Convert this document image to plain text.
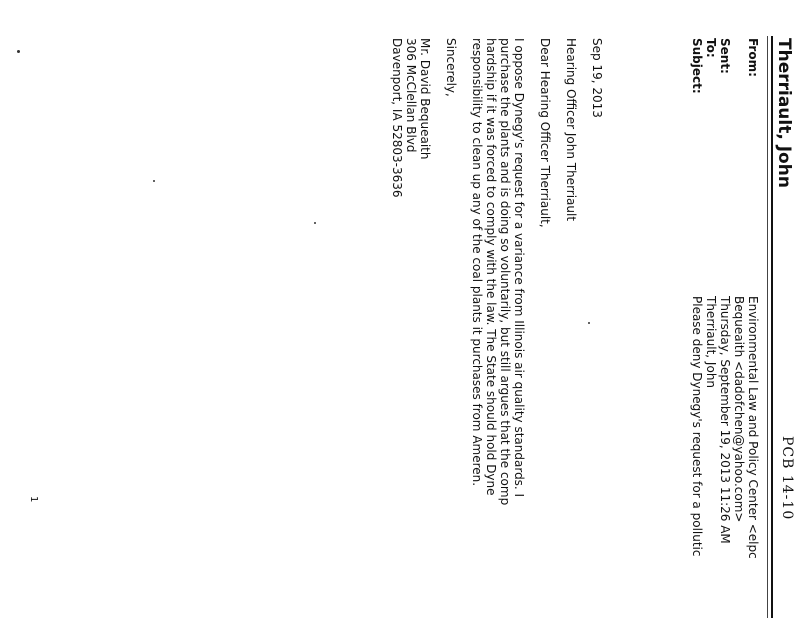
PCB 14-10
Therriault, John
From:
Environmental Law and Policy Center <elpc
Bequeaith <dadofchen@yahoo.com>
Sent:
Thursday, September 19, 2013 11:26 AM
To:
Therriault, John
Subject:
Please deny Dynegy's request for a pollutic
Sep 19, 2013
Hearing Officer John Therriault
Dear Hearing Officer Therriault,
I oppose Dynegy's request for a variance from Illinois air quality standards. I
purchase the plants and is doing so voluntarily, but still argues that the comp
hardship if it was forced to comply with the law. The State should hold Dyne
responsibility to clean up any of the coal plants it purchases from Ameren.
Sincerely,
Mr. David Bequeaith
306 McClellan Blvd
Davenport, IA 52803-3636
1
